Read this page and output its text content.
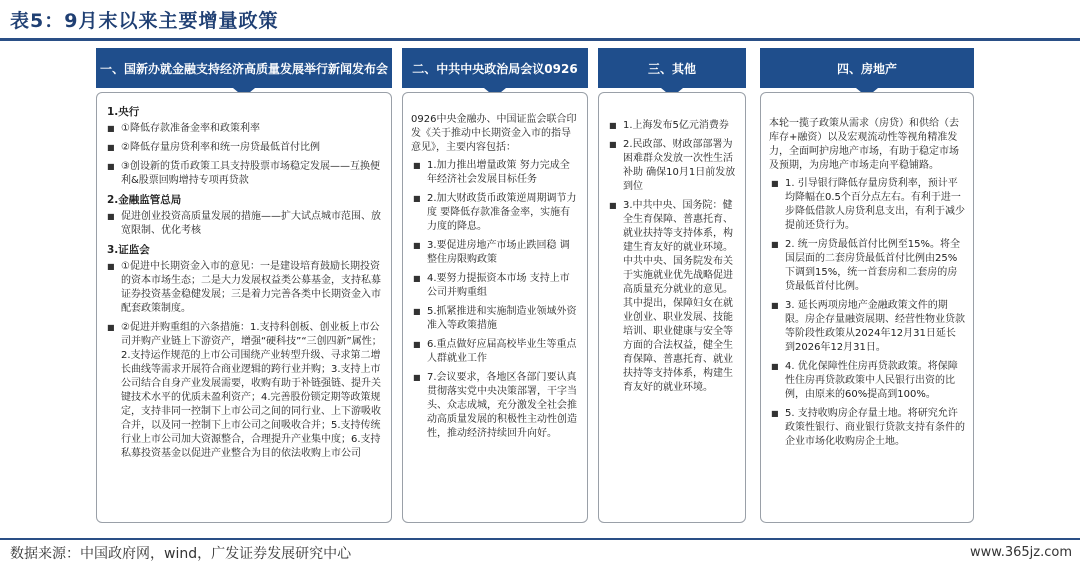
表5：9月末以来主要增量政策
一、国新办就金融支持经济高质量发展举行新闻发布会
1.央行
■ ①降低存款准备金率和政策利率
■ ②降低存量房贷利率和统一房贷最低首付比例
■ ③创设新的货币政策工具支持股票市场稳定发展——互换便利&股票回购增持专项再贷款
2.金融监管总局
■ 促进创业投资高质量发展的措施——扩大试点城市范围、放宽限制、优化考核
3.证监会
■ ①促进中长期资金入市的意见：一是建设培育鼓励长期投资的资本市场生态；二是大力发展权益类公募基金，支持私募证券投资基金稳健发展；三是着力完善各类中长期资金入市配套政策制度。
■ ②促进并购重组的六条措施：1.支持科创板、创业板上市公司并购产业链上下游资产，增强“硬科技”“三创四新”属性；2.支持运作规范的上市公司围绕产业转型升级、寻求第二增长曲线等需求开展符合商业逻辑的跨行业并购；3.支持上市公司结合自身产业发展需要，收购有助于补链强链、提升关键技术水平的优质未盈利资产；4.完善股份锁定期等政策规定，支持非同一控制下上市公司之间的同行业、上下游吸收合并，以及同一控制下上市公司之间吸收合并；5.支持传统行业上市公司加大资源整合，合理提升产业集中度；6.支持私募投资基金以促进产业整合为目的依法收购上市公司
二、中共中央政治局会议0926
0926中央金融办、中国证监会联合印发《关于推动中长期资金入市的指导意见》，主要内容包括：
■ 1.加力推出增量政策 努力完成全年经济社会发展目标任务
■ 2.加大财政货币政策逆周期调节力度 要降低存款准备金率，实施有力度的降息。
■ 3.要促进房地产市场止跌回稳 调整住房限购政策
■ 4.要努力提振资本市场 支持上市公司并购重组
■ 5.抓紧推进和实施制造业领域外资准入等政策措施
■ 6.重点做好应届高校毕业生等重点人群就业工作
■ 7.会议要求，各地区各部门要认真贯彻落实党中央决策部署，干字当头、众志成城，充分激发全社会推动高质量发展的积极性主动性创造性，推动经济持续回升向好。
三、其他
■ 1.上海发布5亿元消费券
■ 2.民政部、财政部部署为困难群众发放一次性生活补助 确保10月1日前发放到位
■ 3.中共中央、国务院：健全生育保障、普惠托育、就业扶持等支持体系，构建生育友好的就业环境。中共中央、国务院发布关于实施就业优先战略促进高质量充分就业的意见。其中提出，保障妇女在就业创业、职业发展、技能培训、职业健康与安全等方面的合法权益，健全生育保障、普惠托育、就业扶持等支持体系，构建生育友好的就业环境。
四、房地产
本轮一揽子政策从需求（房贷）和供给（去库存+融资）以及宏观流动性等视角精准发力，全面呵护房地产市场，有助于稳定市场及预期，为房地产市场走向平稳铺路。
■ 1. 引导银行降低存量房贷利率，预计平均降幅在0.5个百分点左右。有利于进一步降低借款人房贷利息支出，有利于减少提前还贷行为。
■ 2. 统一房贷最低首付比例至15%。将全国层面的二套房贷最低首付比例由25%下调到15%，统一首套房和二套房的房贷最低首付比例。
■ 3. 延长两项房地产金融政策文件的期限。房企存量融资展期、经营性物业贷款等阶段性政策从2024年12月31日延长到2026年12月31日。
■ 4. 优化保障性住房再贷款政策。将保障性住房再贷款政策中人民银行出资的比例，由原来的60%提高到100%。
■ 5. 支持收购房企存量土地。将研究允许政策性银行、商业银行贷款支持有条件的企业市场化收购房企土地。
数据来源：中国政府网，wind，广发证券发展研究中心	www.365jz.com
